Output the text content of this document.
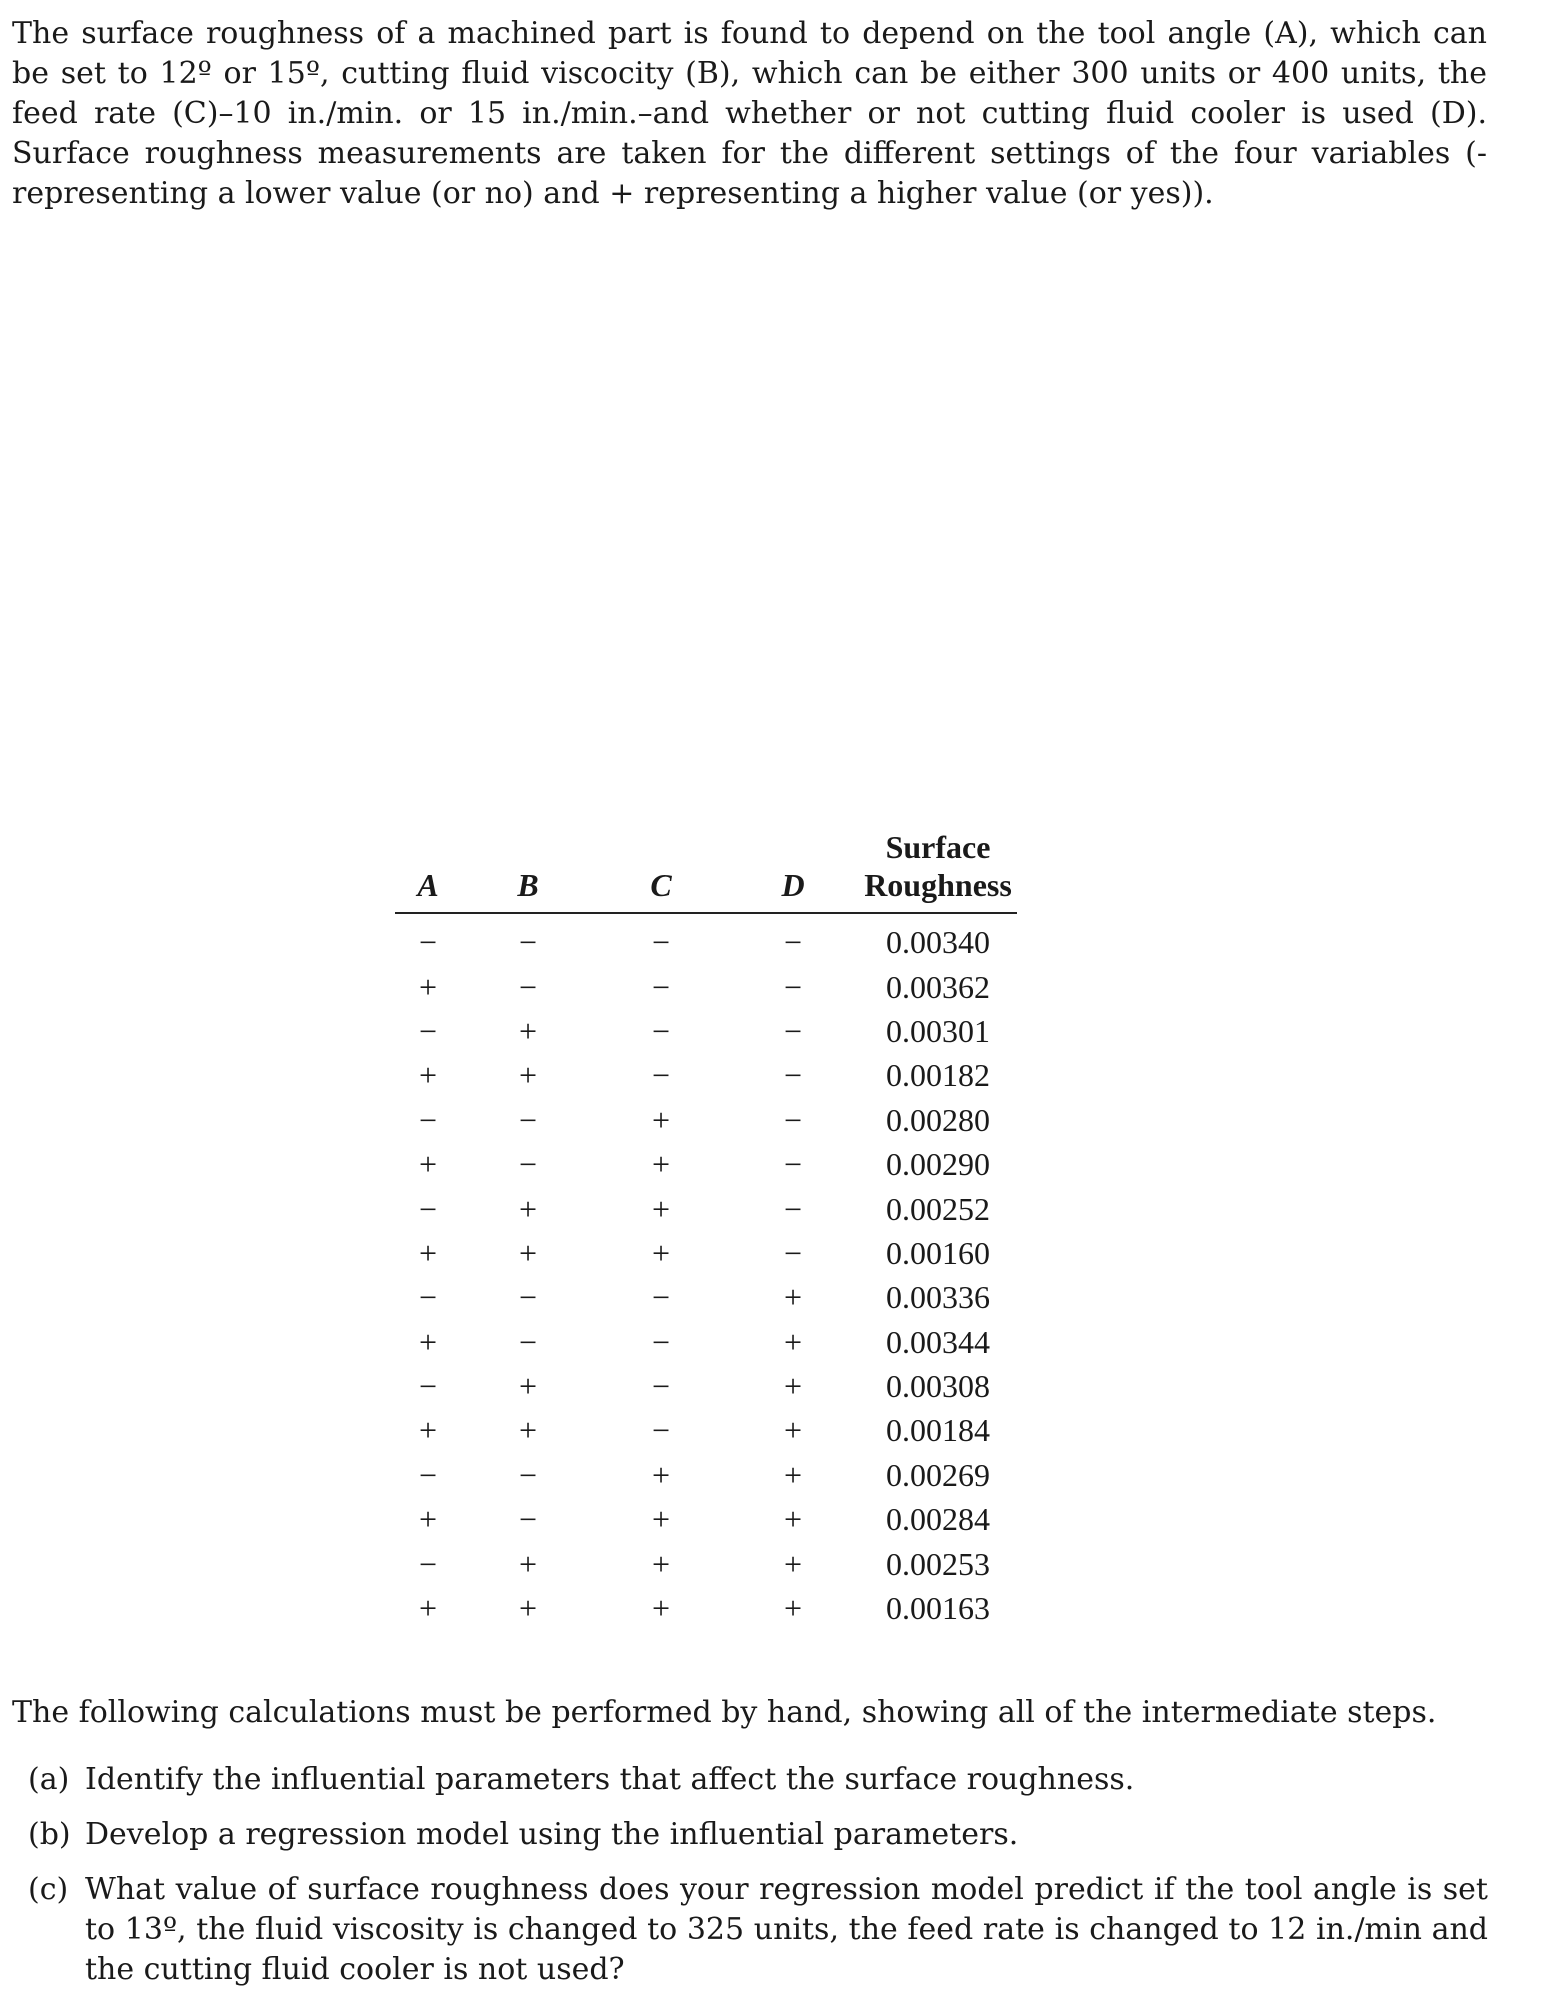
The surface roughness of a machined part is found to depend on the tool angle (A), which can be set to 12º or 15º, cutting fluid viscocity (B), which can be either 300 units or 400 units, the feed rate (C)–10 in./min. or 15 in./min.–and whether or not cutting fluid cooler is used (D). Surface roughness measurements are taken for the different settings of the four variables (- representing a lower value (or no) and + representing a higher value (or yes)).

A	B	C	D	Surface
Roughness
−	−	−	−	0.00340
+	−	−	−	0.00362
−	+	−	−	0.00301
+	+	−	−	0.00182
−	−	+	−	0.00280
+	−	+	−	0.00290
−	+	+	−	0.00252
+	+	+	−	0.00160
−	−	−	+	0.00336
+	−	−	+	0.00344
−	+	−	+	0.00308
+	+	−	+	0.00184
−	−	+	+	0.00269
+	−	+	+	0.00284
−	+	+	+	0.00253
+	+	+	+	0.00163

The following calculations must be performed by hand, showing all of the intermediate steps.

(a) Identify the influential parameters that affect the surface roughness.
(b) Develop a regression model using the influential parameters.
(c) What value of surface roughness does your regression model predict if the tool angle is set to 13º, the fluid viscosity is changed to 325 units, the feed rate is changed to 12 in./min and the cutting fluid cooler is not used?
